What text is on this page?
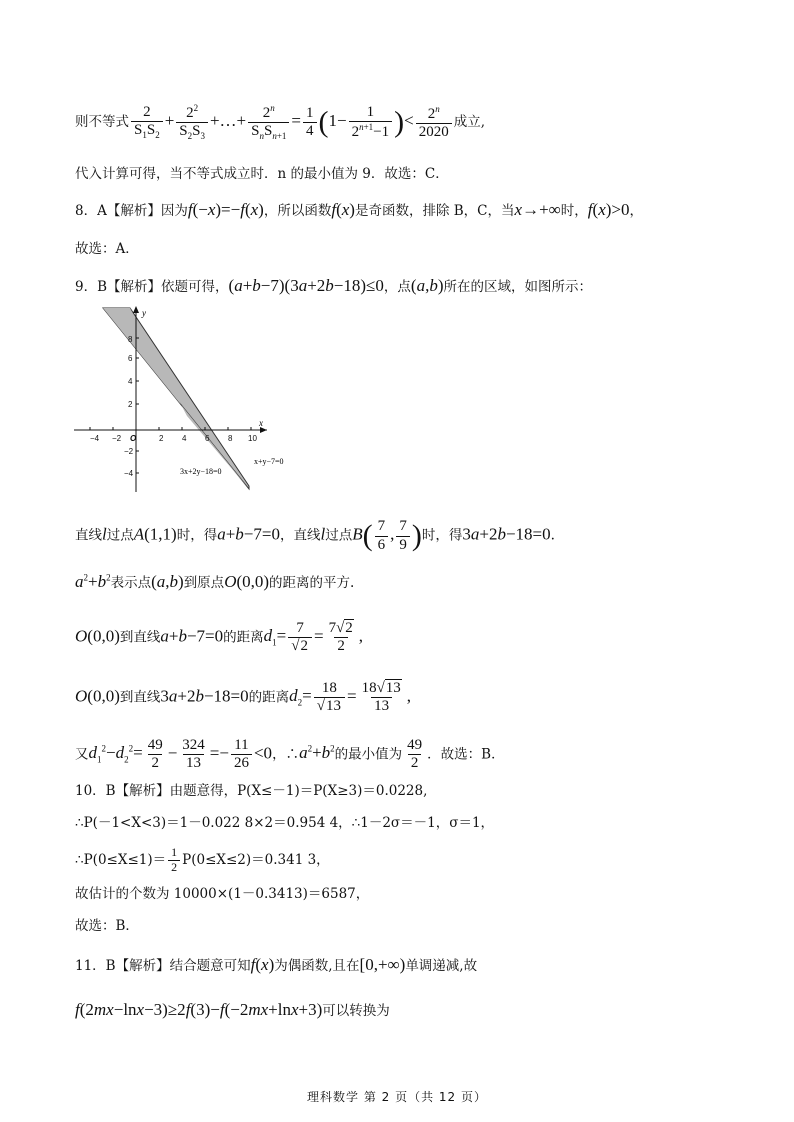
则不等式 $\frac{2}{S_1S_2} + \frac{2^2}{S_2S_3}$ +…+ $\frac{2^n}{S_nS_{n+1}} = \frac{1}{4} (1- \frac{1}{2^{n+1}-1}$ )< $\frac{2^n}{2020}$ 成立,
代入计算可得，当不等式成立时．n 的最小值为 9．故选：C．
8．A【解析】因为f(−x)=−f(x)，所以函数f(x)是奇函数，排除 B，C，当x→+∞时，f(x)>0，
故选：A．
9．B【解析】依题可得，(a+b−7)(3a+2b−18)≤0，点(a,b)所在的区域，如图所示：
y
x
−4 −2 O	2 4 6 8 10
8
6
4
2
−2
−4
x+y−7=0
3x+2y−18=0
直线l过点A(1,1)时，得a+b−7=0，直线l过点$B( \frac{7}{6}$ , $\frac{7}{9}$ )时，得3a+2b−18=0.
$a^2+b^2$表示点(a,b)到原点O(0,0)的距离的平方.
O(0,0)到直线a+b−7=0的距离$d_1= \frac{7}{√2} = \frac{7√2}{2}$ ,
O(0,0)到直线3a+2b−18=0的距离$d_2= \frac{18}{√13} = \frac{18√13}{13}$ ,
又$d_1^2-d_2^2= \frac{49}{2} - \frac{324}{13} =- \frac{11}{26} <0$，$\therefore a^2+b^2$的最小值为 $\frac{49}{2}$ ．故选：B．
10．B【解析】由题意得，P(X≤－1)＝P(X≥3)＝0.0228,
∴P(－1<X<3)＝1－0.022 8×2＝0.954 4，∴1－2σ＝－1，σ＝1，
∴P(0≤X≤1)＝ $\frac{1}{2} P(0\le X\le 2)=0.341$ 3，
故估计的个数为 10000×(1－0.3413)＝6587，
故选：B．
11．B【解析】结合题意可知f(x)为偶函数,且在[0,+∞)单调递减,故
f(2mx−lnx−3)≥2f(3)−f(−2mx+lnx+3)可以转换为
理科数学 第 2 页（共 12 页）
